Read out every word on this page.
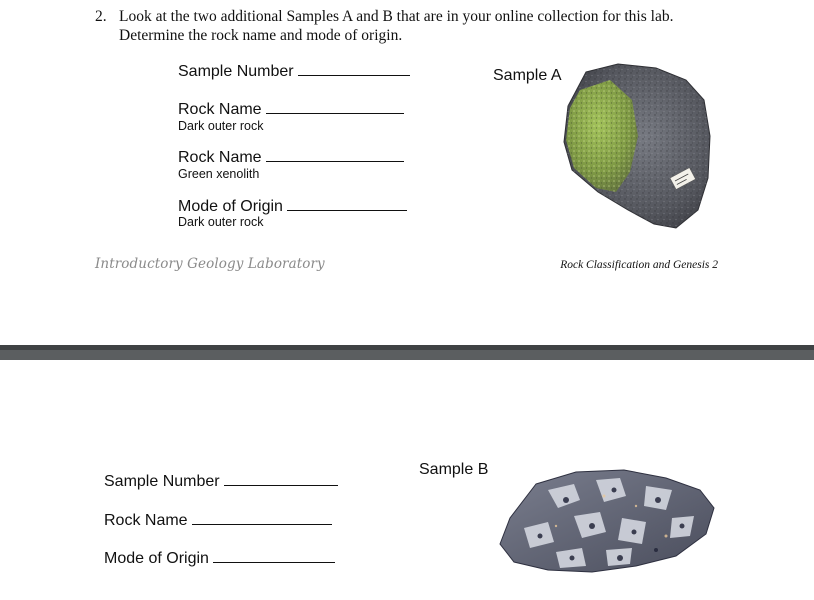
2. Look at the two additional Samples A and B that are in your online collection for this lab.
Determine the rock name and mode of origin.
Sample Number
Rock Name
Dark outer rock
Rock Name
Green xenolith
Mode of Origin
Dark outer rock
Sample A
Introductory Geology Laboratory	Rock Classification and Genesis 2
Sample Number
Rock Name
Mode of Origin
Sample B
